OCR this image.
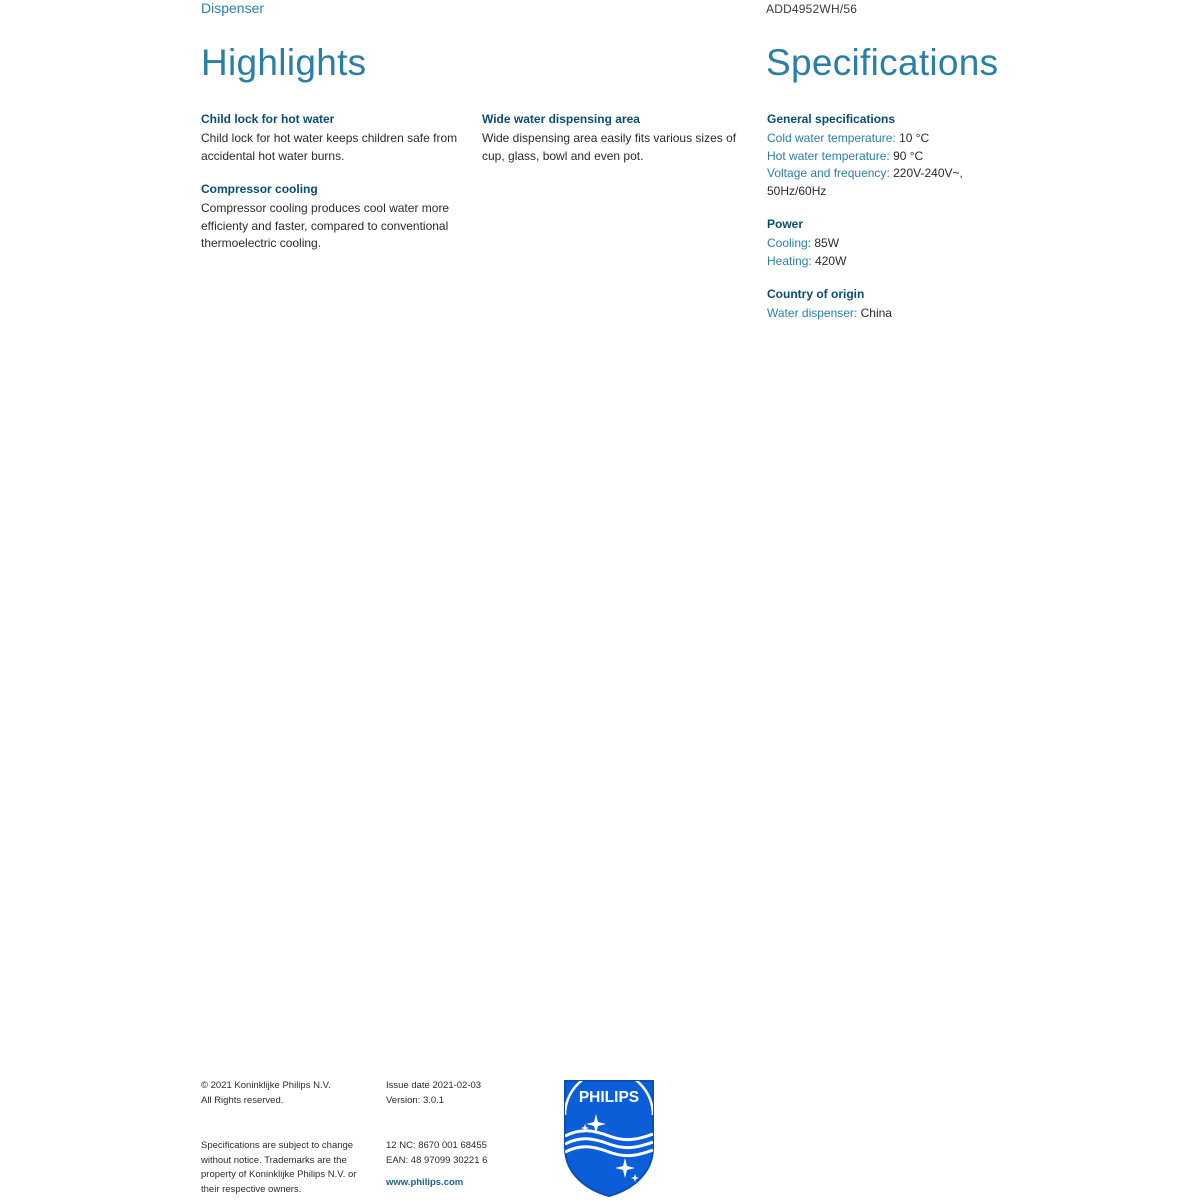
Dispenser	ADD4952WH/56
Highlights	Specifications
Child lock for hot water

Child lock for hot water keeps children safe from accidental hot water burns.

Compressor cooling

Compressor cooling produces cool water more efficienty and faster, compared to conventional thermoelectric cooling.

Wide water dispensing area

Wide dispensing area easily fits various sizes of cup, glass, bowl and even pot.

General specifications
Cold water temperature: 10 °C
Hot water temperature: 90 °C
Voltage and frequency: 220V-240V~, 50Hz/60Hz
Power
Cooling: 85W
Heating: 420W
Country of origin
Water dispenser: China
© 2021 Koninklijke Philips N.V.
All Rights reserved.
Specifications are subject to change
without notice. Trademarks are the
property of Koninklijke Philips N.V. or
their respective owners.
Issue date 2021-02-03
Version: 3.0.1
12 NC: 8670 001 68455
EAN: 48 97099 30221 6
www.philips.com
PHILIPS
